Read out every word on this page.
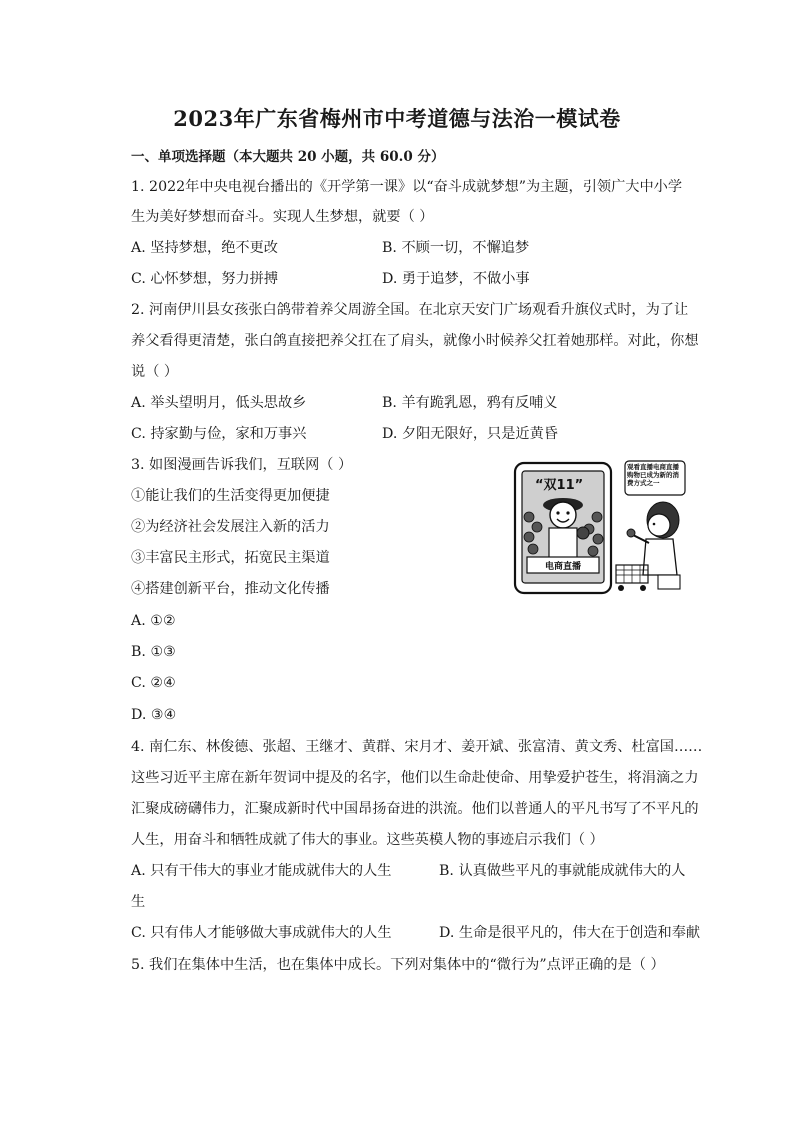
2023年广东省梅州市中考道德与法治一模试卷
一、单项选择题（本大题共 20 小题，共 60.0 分）
1. 2022年中央电视台播出的《开学第一课》以“奋斗成就梦想”为主题，引领广大中小学
生为美好梦想而奋斗。实现人生梦想，就要（ ）
A. 坚持梦想，绝不更改	B. 不顾一切，不懈追梦
C. 心怀梦想，努力拼搏	D. 勇于追梦，不做小事
2. 河南伊川县女孩张白鸽带着养父周游全国。在北京天安门广场观看升旗仪式时，为了让
养父看得更清楚，张白鸽直接把养父扛在了肩头，就像小时候养父扛着她那样。对此，你想
说（ ）
A. 举头望明月，低头思故乡	B. 羊有跪乳恩，鸦有反哺义
C. 持家勤与俭，家和万事兴	D. 夕阳无限好，只是近黄昏
3. 如图漫画告诉我们，互联网（ ）
①能让我们的生活变得更加便捷
②为经济社会发展注入新的活力
③丰富民主形式，拓宽民主渠道
④搭建创新平台，推动文化传播
A. ①②
B. ①③
C. ②④
D. ③④
“双11”
电商直播
观看直播电商直播购物已成为新的消费方式之一
4. 南仁东、林俊德、张超、王继才、黄群、宋月才、姜开斌、张富清、黄文秀、杜富国……
这些习近平主席在新年贺词中提及的名字，他们以生命赴使命、用挚爱护苍生，将涓滴之力
汇聚成磅礴伟力，汇聚成新时代中国昂扬奋进的洪流。他们以普通人的平凡书写了不平凡的
人生，用奋斗和牺牲成就了伟大的事业。这些英模人物的事迹启示我们（ ）
A. 只有干伟大的事业才能成就伟大的人生	B. 认真做些平凡的事就能成就伟大的人
生
C. 只有伟人才能够做大事成就伟大的人生	D. 生命是很平凡的，伟大在于创造和奉献
5. 我们在集体中生活，也在集体中成长。下列对集体中的“微行为”点评正确的是（ ）
